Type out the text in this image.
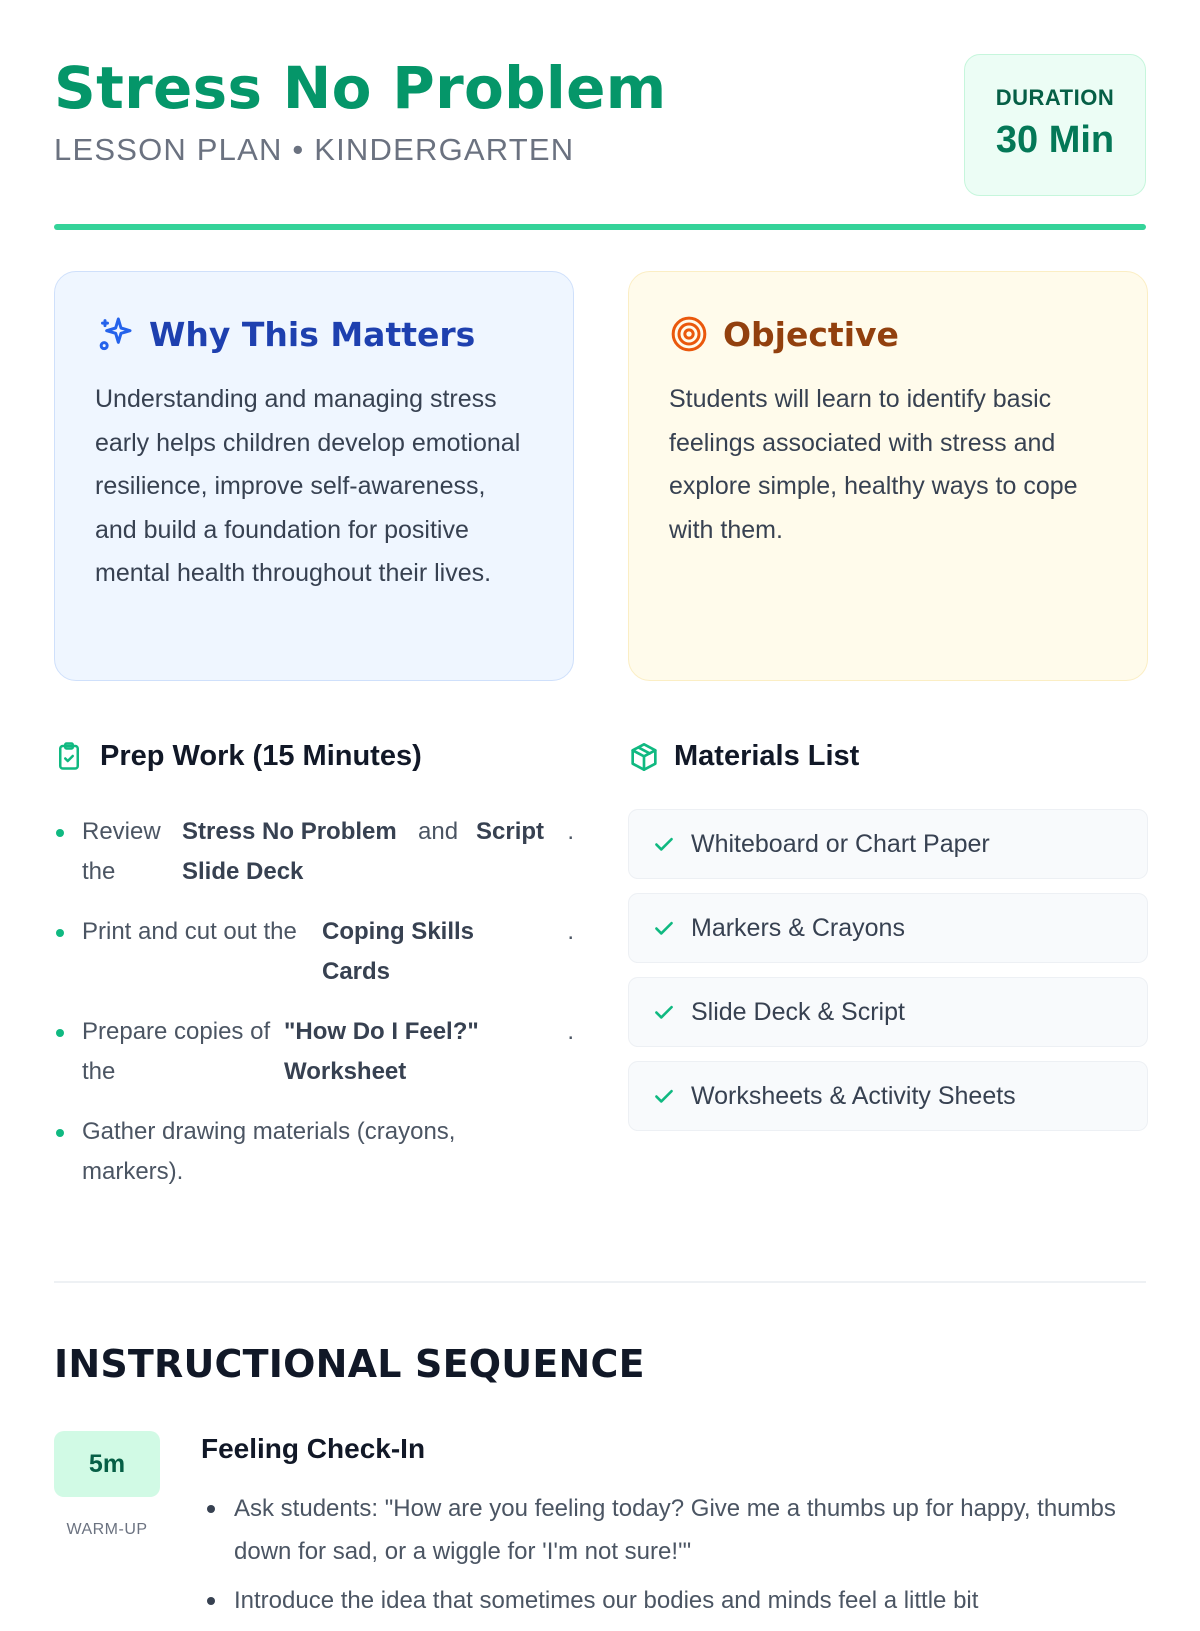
Stress No Problem
LESSON PLAN • KINDERGARTEN
DURATION
30 Min
Why This Matters

Understanding and managing stress early helps children develop emotional resilience, improve self-awareness, and build a foundation for positive mental health throughout their lives.

Objective

Students will learn to identify basic feelings associated with stress and explore simple, healthy ways to cope with them.

Prep Work (15 Minutes)	Materials List
Review the
Stress No Problem Slide Deck
and Script .
Print and cut out the	Coping Skills Cards
.
Prepare copies of the
"How Do I Feel?" Worksheet
.
Gather drawing materials (crayons, markers).
Whiteboard or Chart Paper
Markers & Crayons
Slide Deck & Script
Worksheets & Activity Sheets
INSTRUCTIONAL SEQUENCE
5m
WARM-UP
Feeling Check-In
Ask students: "How are you feeling today? Give me a thumbs up for happy, thumbs down for sad, or a wiggle for 'I'm not sure!'"
Introduce the idea that sometimes our bodies and minds feel a little bit
